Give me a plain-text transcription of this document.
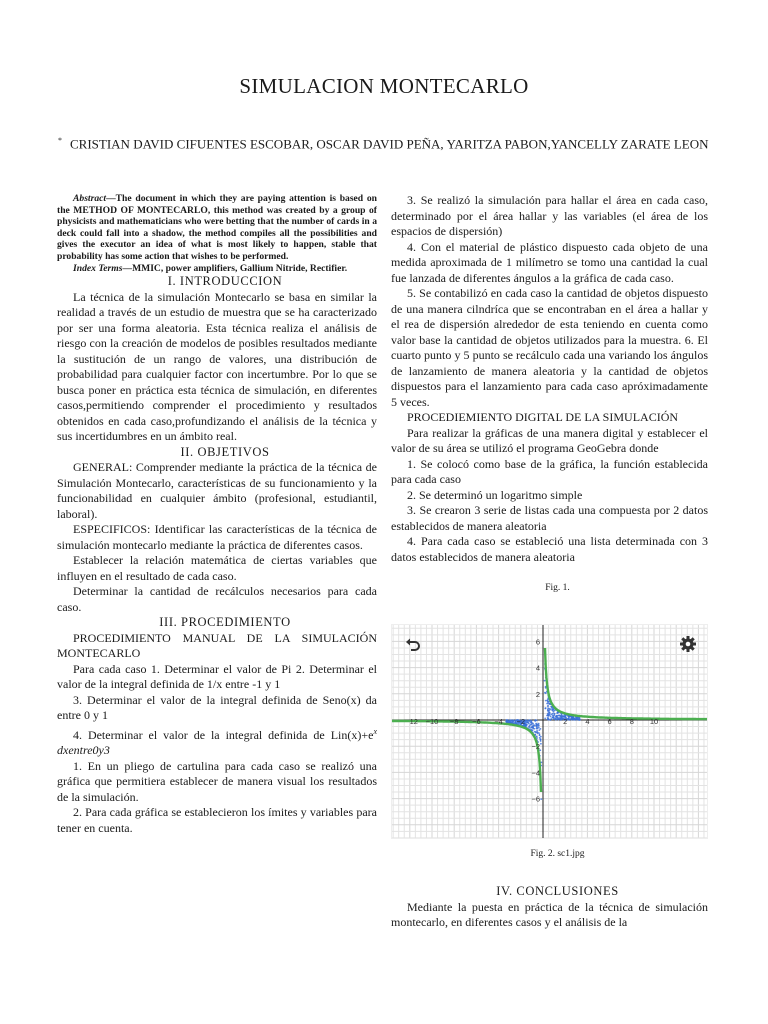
SIMULACION MONTECARLO
* CRISTIAN DAVID CIFUENTES ESCOBAR, OSCAR DAVID PEÑA, YARITZA PABON,YANCELLY ZARATE LEON

Abstract—The document in which they are paying attention is based on the METHOD OF MONTECARLO, this method was created by a group of physicists and mathematicians who were betting that the number of cards in a deck could fall into a shadow, the method compiles all the possibilities and gives the executor an idea of what is most likely to happen, stable that probability has some action that wishes to be performed.

Index Terms—MMIC, power amplifiers, Gallium Nitride, Rectifier.

I. INTRODUCCION

La técnica de la simulación Montecarlo se basa en similar la realidad a través de un estudio de muestra que se ha caracterizado por ser una forma aleatoria. Esta técnica realiza el análisis de riesgo con la creación de modelos de posibles resultados mediante la sustitución de un rango de valores, una distribución de probabilidad para cualquier factor con incertumbre. Por lo que se busca poner en práctica esta técnica de simulación, en diferentes casos,permitiendo comprender el procedimiento y resultados obtenidos en cada caso,profundizando el análisis de la técnica y sus incertidumbres en un ámbito real.

II. OBJETIVOS

GENERAL: Comprender mediante la práctica de la técnica de Simulación Montecarlo, características de su funcionamiento y la funcionabilidad en cualquier ámbito (profesional, estudiantil, laboral).

ESPECIFICOS: Identificar las características de la técnica de simulación montecarlo mediante la práctica de diferentes casos.

Establecer la relación matemática de ciertas variables que influyen en el resultado de cada caso.

Determinar la cantidad de recálculos necesarios para cada caso.

III. PROCEDIMIENTO

PROCEDIMIENTO MANUAL DE LA SIMULACIÓN MONTECARLO

Para cada caso 1. Determinar el valor de Pi 2. Determinar el valor de la integral definida de 1/x entre -1 y 1

3. Determinar el valor de la integral definida de Seno(x) da entre 0 y 1

4. Determinar el valor de la integral definida de $Lin(x)+e^x$ dxentre0y3

1. En un pliego de cartulina para cada caso se realizó una gráfica que permitiera establecer de manera visual los resultados de la simulación.

2. Para cada gráfica se establecieron los ímites y variables para tener en cuenta.

3. Se realizó la simulación para hallar el área en cada caso, determinado por el área hallar y las variables (el área de los espacios de dispersión)

4. Con el material de plástico dispuesto cada objeto de una medida aproximada de 1 milímetro se tomo una cantidad la cual fue lanzada de diferentes ángulos a la gráfica de cada caso.

5. Se contabilizó en cada caso la cantidad de objetos dispuesto de una manera cilndríca que se encontraban en el área a hallar y el rea de dispersión alrededor de esta teniendo en cuenta como valor base la cantidad de objetos utilizados para la muestra. 6. El cuarto punto y 5 punto se recálculo cada una variando los ángulos de lanzamiento de manera aleatoria y la cantidad de objetos dispuestos para el lanzamiento para cada caso apróximadamente 5 veces.

PROCEDIEMIENTO DIGITAL DE LA SIMULACIÓN

Para realizar la gráficas de una manera digital y establecer el valor de su área se utilizó el programa GeoGebra donde

1. Se colocó como base de la gráfica, la función establecida para cada caso

2. Se determinó un logaritmo simple

3. Se crearon 3 serie de listas cada una compuesta por 2 datos establecidos de manera aleatoria

4. Para cada caso se estableció una lista determinada con 3 datos establecidos de manera aleatoria

Fig. 1.

12 −10 −8 −6 −4 −2	2 4 6 8 10
6
4
2
−2
−4
−6

Fig. 2. sc1.jpg

IV. CONCLUSIONES

Mediante la puesta en práctica de la técnica de simulación montecarlo, en diferentes casos y el análisis de la
